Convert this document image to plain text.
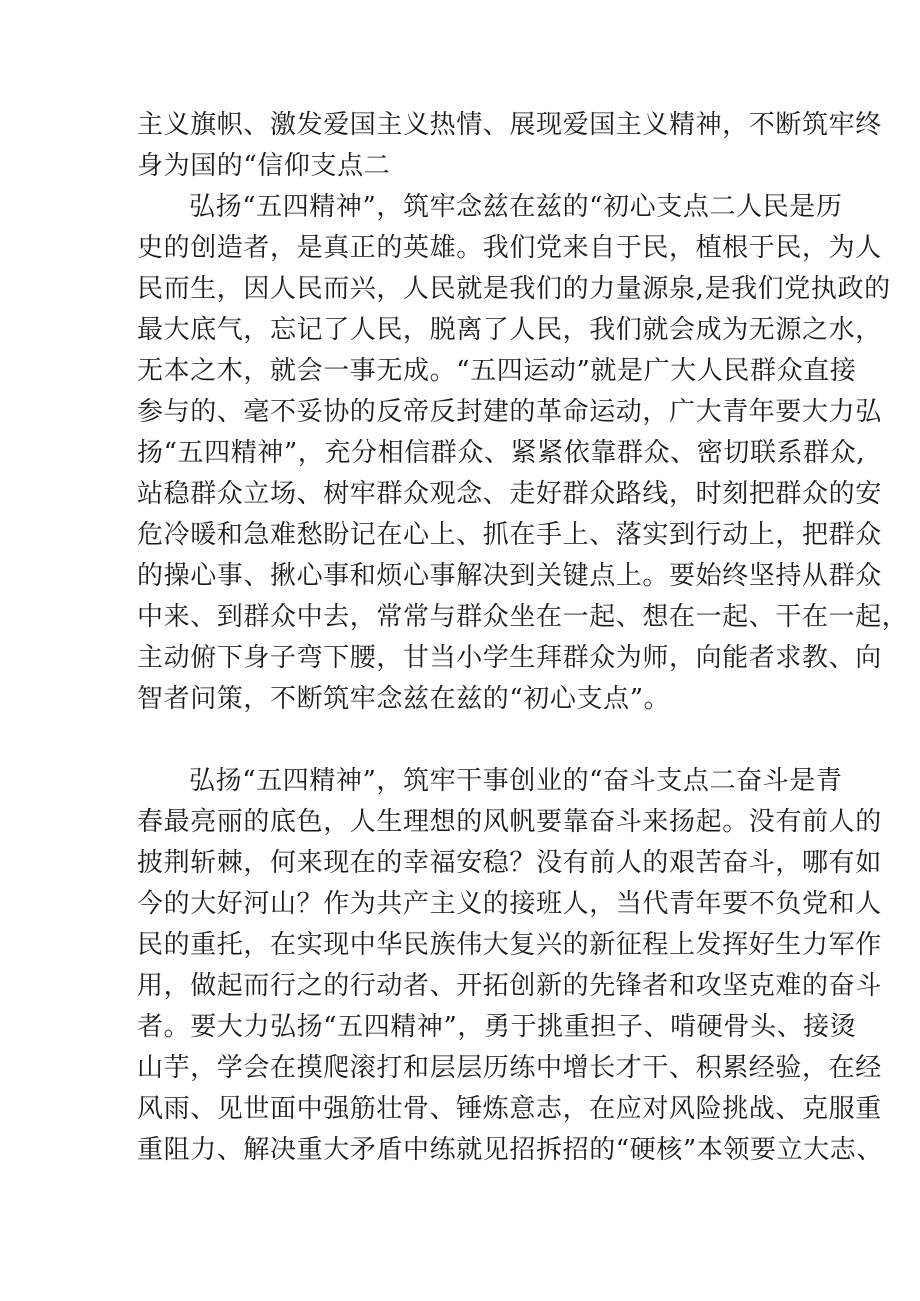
主义旗帜、激发爱国主义热情、展现爱国主义精神，不断筑牢终
身为国的“信仰支点二
弘扬“五四精神”，筑牢念兹在兹的“初心支点二人民是历
史的创造者，是真正的英雄。我们党来自于民，植根于民，为人
民而生，因人民而兴，人民就是我们的力量源泉,是我们党执政的
最大底气，忘记了人民，脱离了人民，我们就会成为无源之水，
无本之木，就会一事无成。“五四运动”就是广大人民群众直接
参与的、毫不妥协的反帝反封建的革命运动，广大青年要大力弘
扬“五四精神”，充分相信群众、紧紧依靠群众、密切联系群众,
站稳群众立场、树牢群众观念、走好群众路线，时刻把群众的安
危冷暖和急难愁盼记在心上、抓在手上、落实到行动上，把群众
的操心事、揪心事和烦心事解决到关键点上。要始终坚持从群众
中来、到群众中去，常常与群众坐在一起、想在一起、干在一起，
主动俯下身子弯下腰，甘当小学生拜群众为师，向能者求教、向
智者问策，不断筑牢念兹在兹的“初心支点”。
弘扬“五四精神”，筑牢干事创业的“奋斗支点二奋斗是青
春最亮丽的底色，人生理想的风帆要靠奋斗来扬起。没有前人的
披荆斩棘，何来现在的幸福安稳？没有前人的艰苦奋斗，哪有如
今的大好河山？作为共产主义的接班人，当代青年要不负党和人
民的重托，在实现中华民族伟大复兴的新征程上发挥好生力军作
用，做起而行之的行动者、开拓创新的先锋者和攻坚克难的奋斗
者。要大力弘扬“五四精神”，勇于挑重担子、啃硬骨头、接烫
山芋，学会在摸爬滚打和层层历练中增长才干、积累经验，在经
风雨、见世面中强筋壮骨、锤炼意志，在应对风险挑战、克服重
重阻力、解决重大矛盾中练就见招拆招的“硬核”本领要立大志、
